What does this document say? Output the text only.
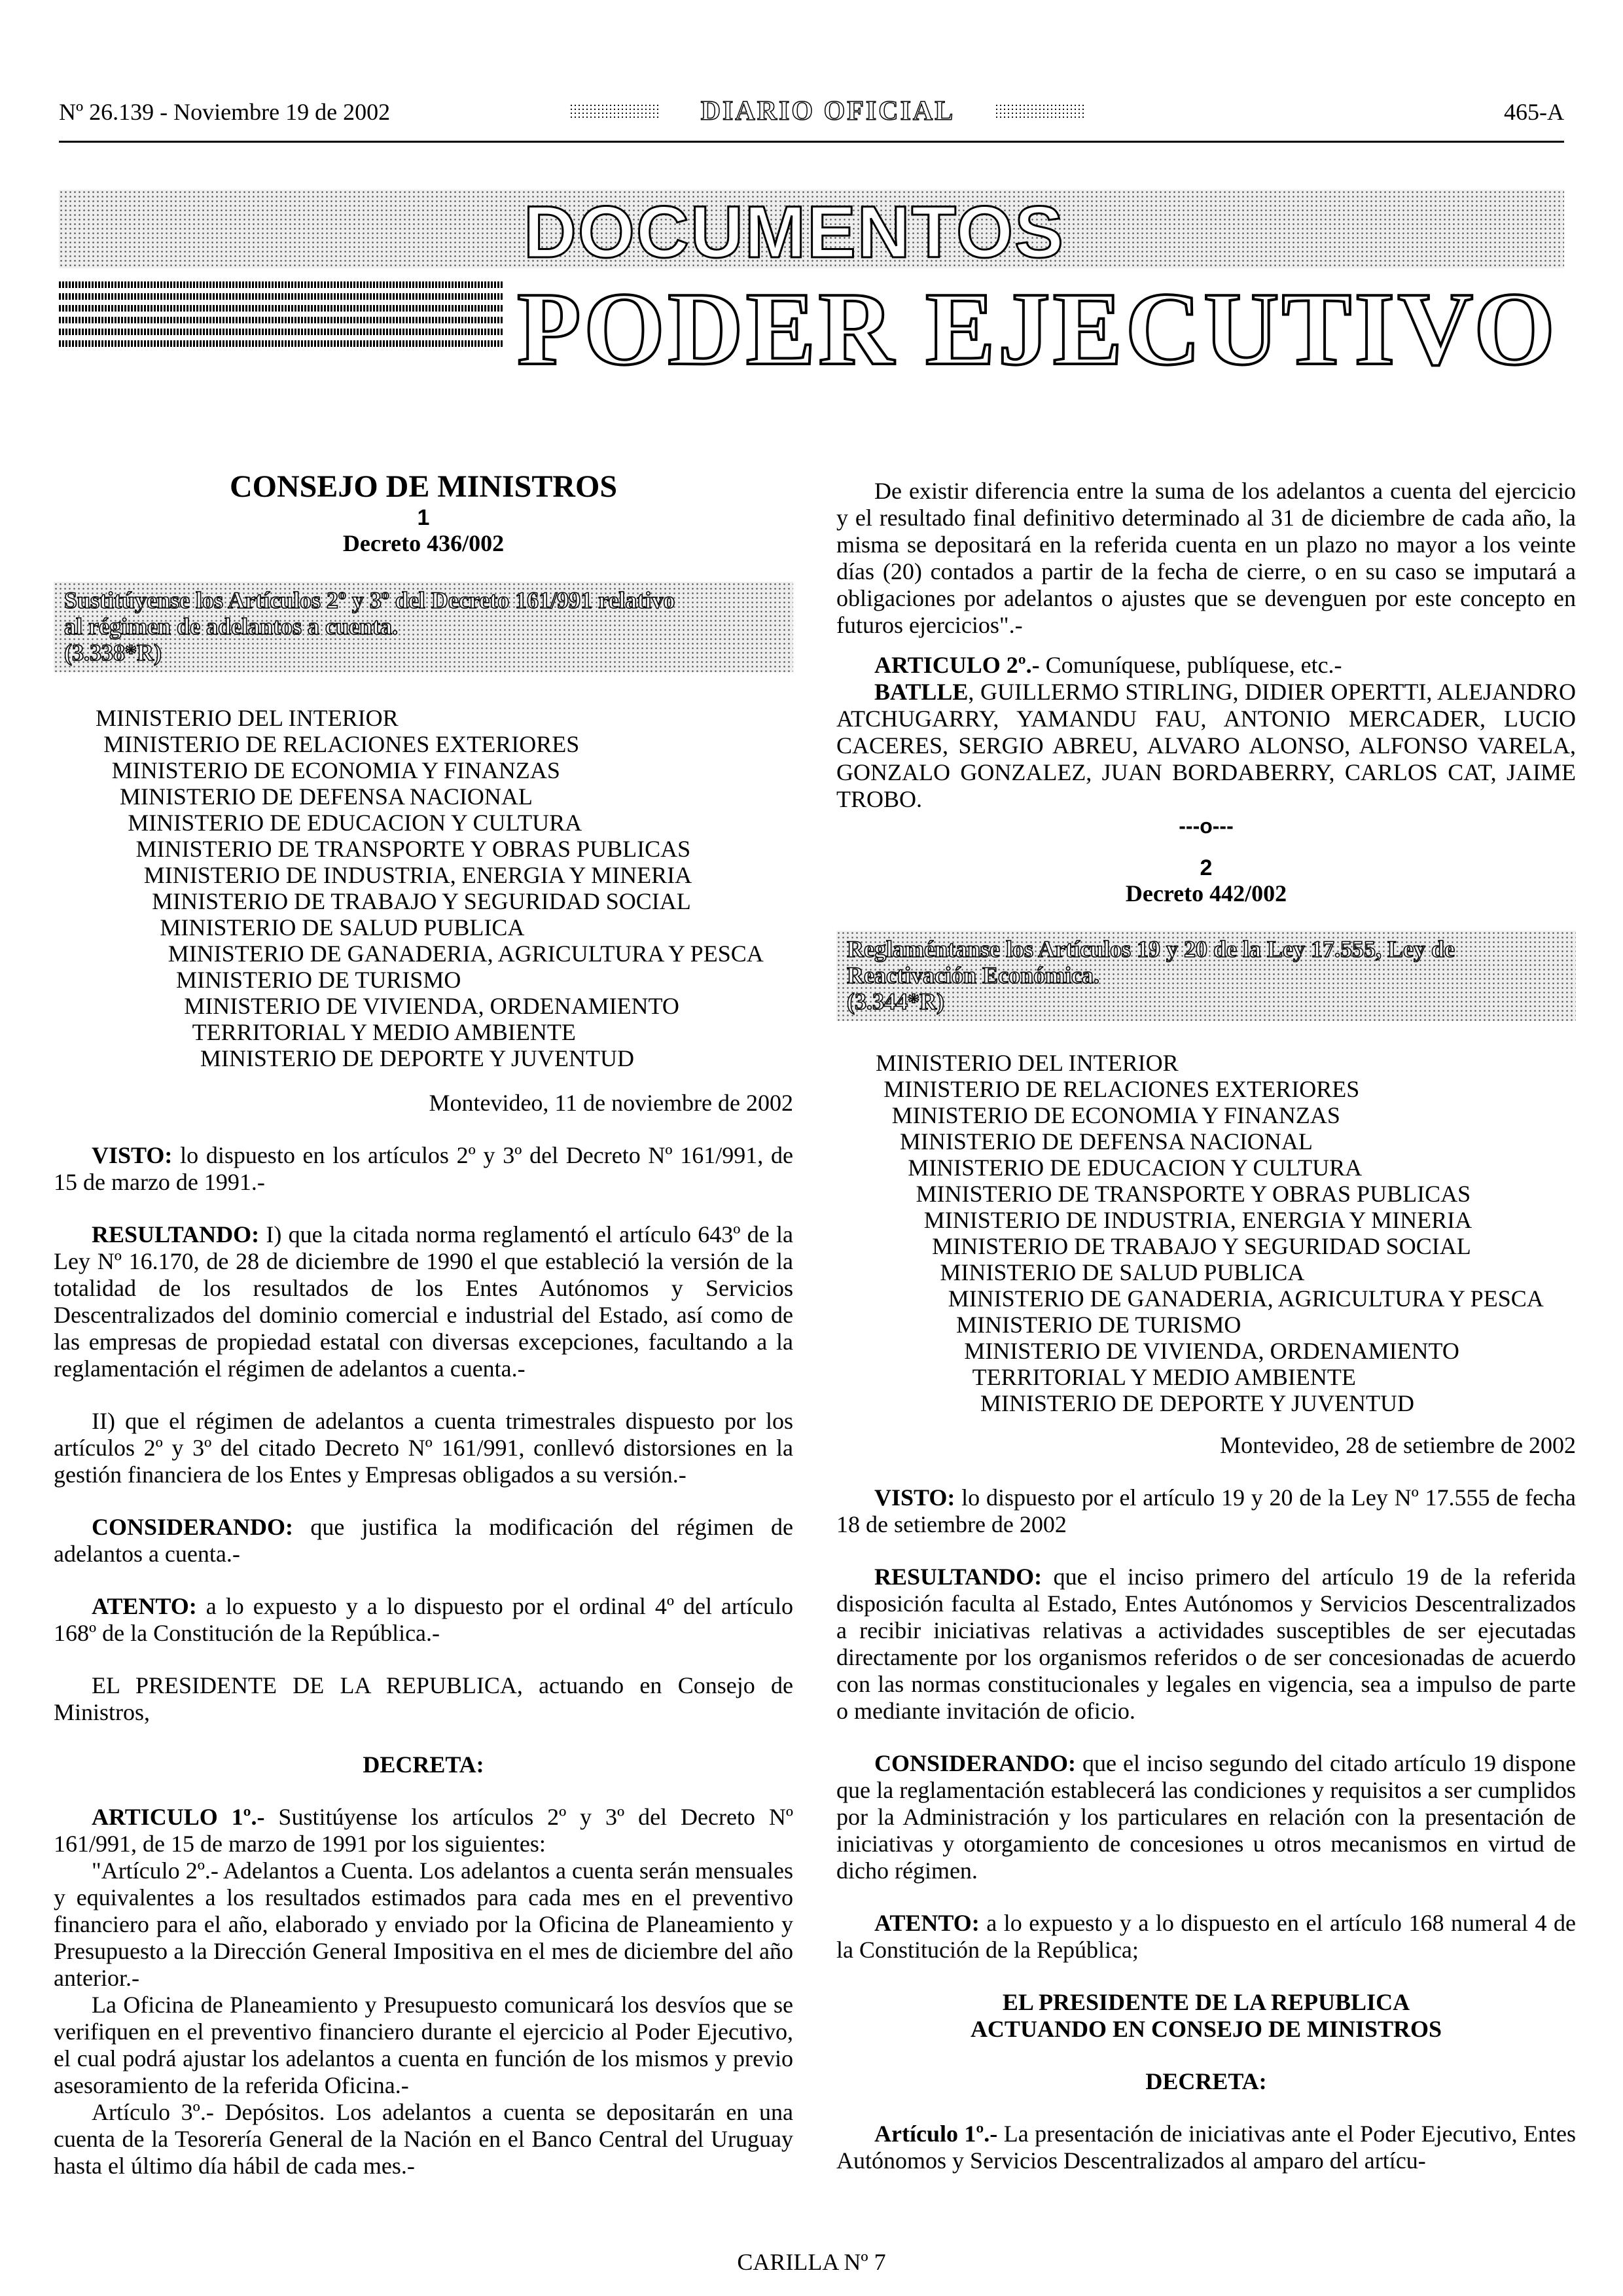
Nº 26.139 - Noviembre 19 de 2002	DIARIO OFICIAL	465-A
DOCUMENTOS
PODER EJECUTIVO
CONSEJO DE MINISTROS
1
Decreto 436/002
Sustitúyense los Artículos 2º y 3º del Decreto 161/991 relativo
al régimen de adelantos a cuenta.
(3.338*R)
MINISTERIO DEL INTERIOR
MINISTERIO DE RELACIONES EXTERIORES
MINISTERIO DE ECONOMIA Y FINANZAS
MINISTERIO DE DEFENSA NACIONAL
MINISTERIO DE EDUCACION Y CULTURA
MINISTERIO DE TRANSPORTE Y OBRAS PUBLICAS
MINISTERIO DE INDUSTRIA, ENERGIA Y MINERIA
MINISTERIO DE TRABAJO Y SEGURIDAD SOCIAL
MINISTERIO DE SALUD PUBLICA
MINISTERIO DE GANADERIA, AGRICULTURA Y PESCA
MINISTERIO DE TURISMO
MINISTERIO DE VIVIENDA, ORDENAMIENTO
TERRITORIAL Y MEDIO AMBIENTE
MINISTERIO DE DEPORTE Y JUVENTUD
Montevideo, 11 de noviembre de 2002

VISTO: lo dispuesto en los artículos 2º y 3º del Decreto Nº 161/991, de 15 de marzo de 1991.-

RESULTANDO: I) que la citada norma reglamentó el artículo 643º de la Ley Nº 16.170, de 28 de diciembre de 1990 el que estableció la versión de la totalidad de los resultados de los Entes Autónomos y Servicios Descentralizados del dominio comercial e industrial del Estado, así como de las empresas de propiedad estatal con diversas excepciones, facultando a la reglamentación el régimen de adelantos a cuenta.-

II) que el régimen de adelantos a cuenta trimestrales dispuesto por los artículos 2º y 3º del citado Decreto Nº 161/991, conllevó distorsiones en la gestión financiera de los Entes y Empresas obligados a su versión.-

CONSIDERANDO: que justifica la modificación del régimen de adelantos a cuenta.-

ATENTO: a lo expuesto y a lo dispuesto por el ordinal 4º del artículo 168º de la Constitución de la República.-

EL PRESIDENTE DE LA REPUBLICA, actuando en Consejo de Ministros,

DECRETA:

ARTICULO 1º.- Sustitúyense los artículos 2º y 3º del Decreto Nº 161/991, de 15 de marzo de 1991 por los siguientes:

"Artículo 2º.- Adelantos a Cuenta. Los adelantos a cuenta serán mensuales y equivalentes a los resultados estimados para cada mes en el preventivo financiero para el año, elaborado y enviado por la Oficina de Planeamiento y Presupuesto a la Dirección General Impositiva en el mes de diciembre del año anterior.-

La Oficina de Planeamiento y Presupuesto comunicará los desvíos que se verifiquen en el preventivo financiero durante el ejercicio al Poder Ejecutivo, el cual podrá ajustar los adelantos a cuenta en función de los mismos y previo asesoramiento de la referida Oficina.-

Artículo 3º.- Depósitos. Los adelantos a cuenta se depositarán en una cuenta de la Tesorería General de la Nación en el Banco Central del Uruguay hasta el último día hábil de cada mes.-

De existir diferencia entre la suma de los adelantos a cuenta del ejercicio y el resultado final definitivo determinado al 31 de diciembre de cada año, la misma se depositará en la referida cuenta en un plazo no mayor a los veinte días (20) contados a partir de la fecha de cierre, o en su caso se imputará a obligaciones por adelantos o ajustes que se devenguen por este concepto en futuros ejercicios".-

ARTICULO 2º.- Comuníquese, publíquese, etc.-

BATLLE, GUILLERMO STIRLING, DIDIER OPERTTI, ALEJANDRO ATCHUGARRY, YAMANDU FAU, ANTONIO MERCADER, LUCIO CACERES, SERGIO ABREU, ALVARO ALONSO, ALFONSO VARELA, GONZALO GONZALEZ, JUAN BORDABERRY, CARLOS CAT, JAIME TROBO.

---o---
2
Decreto 442/002
Reglaméntanse los Artículos 19 y 20 de la Ley 17.555, Ley de
Reactivación Económica.
(3.344*R)
MINISTERIO DEL INTERIOR
MINISTERIO DE RELACIONES EXTERIORES
MINISTERIO DE ECONOMIA Y FINANZAS
MINISTERIO DE DEFENSA NACIONAL
MINISTERIO DE EDUCACION Y CULTURA
MINISTERIO DE TRANSPORTE Y OBRAS PUBLICAS
MINISTERIO DE INDUSTRIA, ENERGIA Y MINERIA
MINISTERIO DE TRABAJO Y SEGURIDAD SOCIAL
MINISTERIO DE SALUD PUBLICA
MINISTERIO DE GANADERIA, AGRICULTURA Y PESCA
MINISTERIO DE TURISMO
MINISTERIO DE VIVIENDA, ORDENAMIENTO
TERRITORIAL Y MEDIO AMBIENTE
MINISTERIO DE DEPORTE Y JUVENTUD
Montevideo, 28 de setiembre de 2002

VISTO: lo dispuesto por el artículo 19 y 20 de la Ley Nº 17.555 de fecha 18 de setiembre de 2002

RESULTANDO: que el inciso primero del artículo 19 de la referida disposición faculta al Estado, Entes Autónomos y Servicios Descentralizados a recibir iniciativas relativas a actividades susceptibles de ser ejecutadas directamente por los organismos referidos o de ser concesionadas de acuerdo con las normas constitucionales y legales en vigencia, sea a impulso de parte o mediante invitación de oficio.

CONSIDERANDO: que el inciso segundo del citado artículo 19 dispone que la reglamentación establecerá las condiciones y requisitos a ser cumplidos por la Administración y los particulares en relación con la presentación de iniciativas y otorgamiento de concesiones u otros mecanismos en virtud de dicho régimen.

ATENTO: a lo expuesto y a lo dispuesto en el artículo 168 numeral 4 de la Constitución de la República;

EL PRESIDENTE DE LA REPUBLICA

ACTUANDO EN CONSEJO DE MINISTROS

DECRETA:

Artículo 1º.- La presentación de iniciativas ante el Poder Ejecutivo, Entes Autónomos y Servicios Descentralizados al amparo del artícu-

CARILLA Nº 7
